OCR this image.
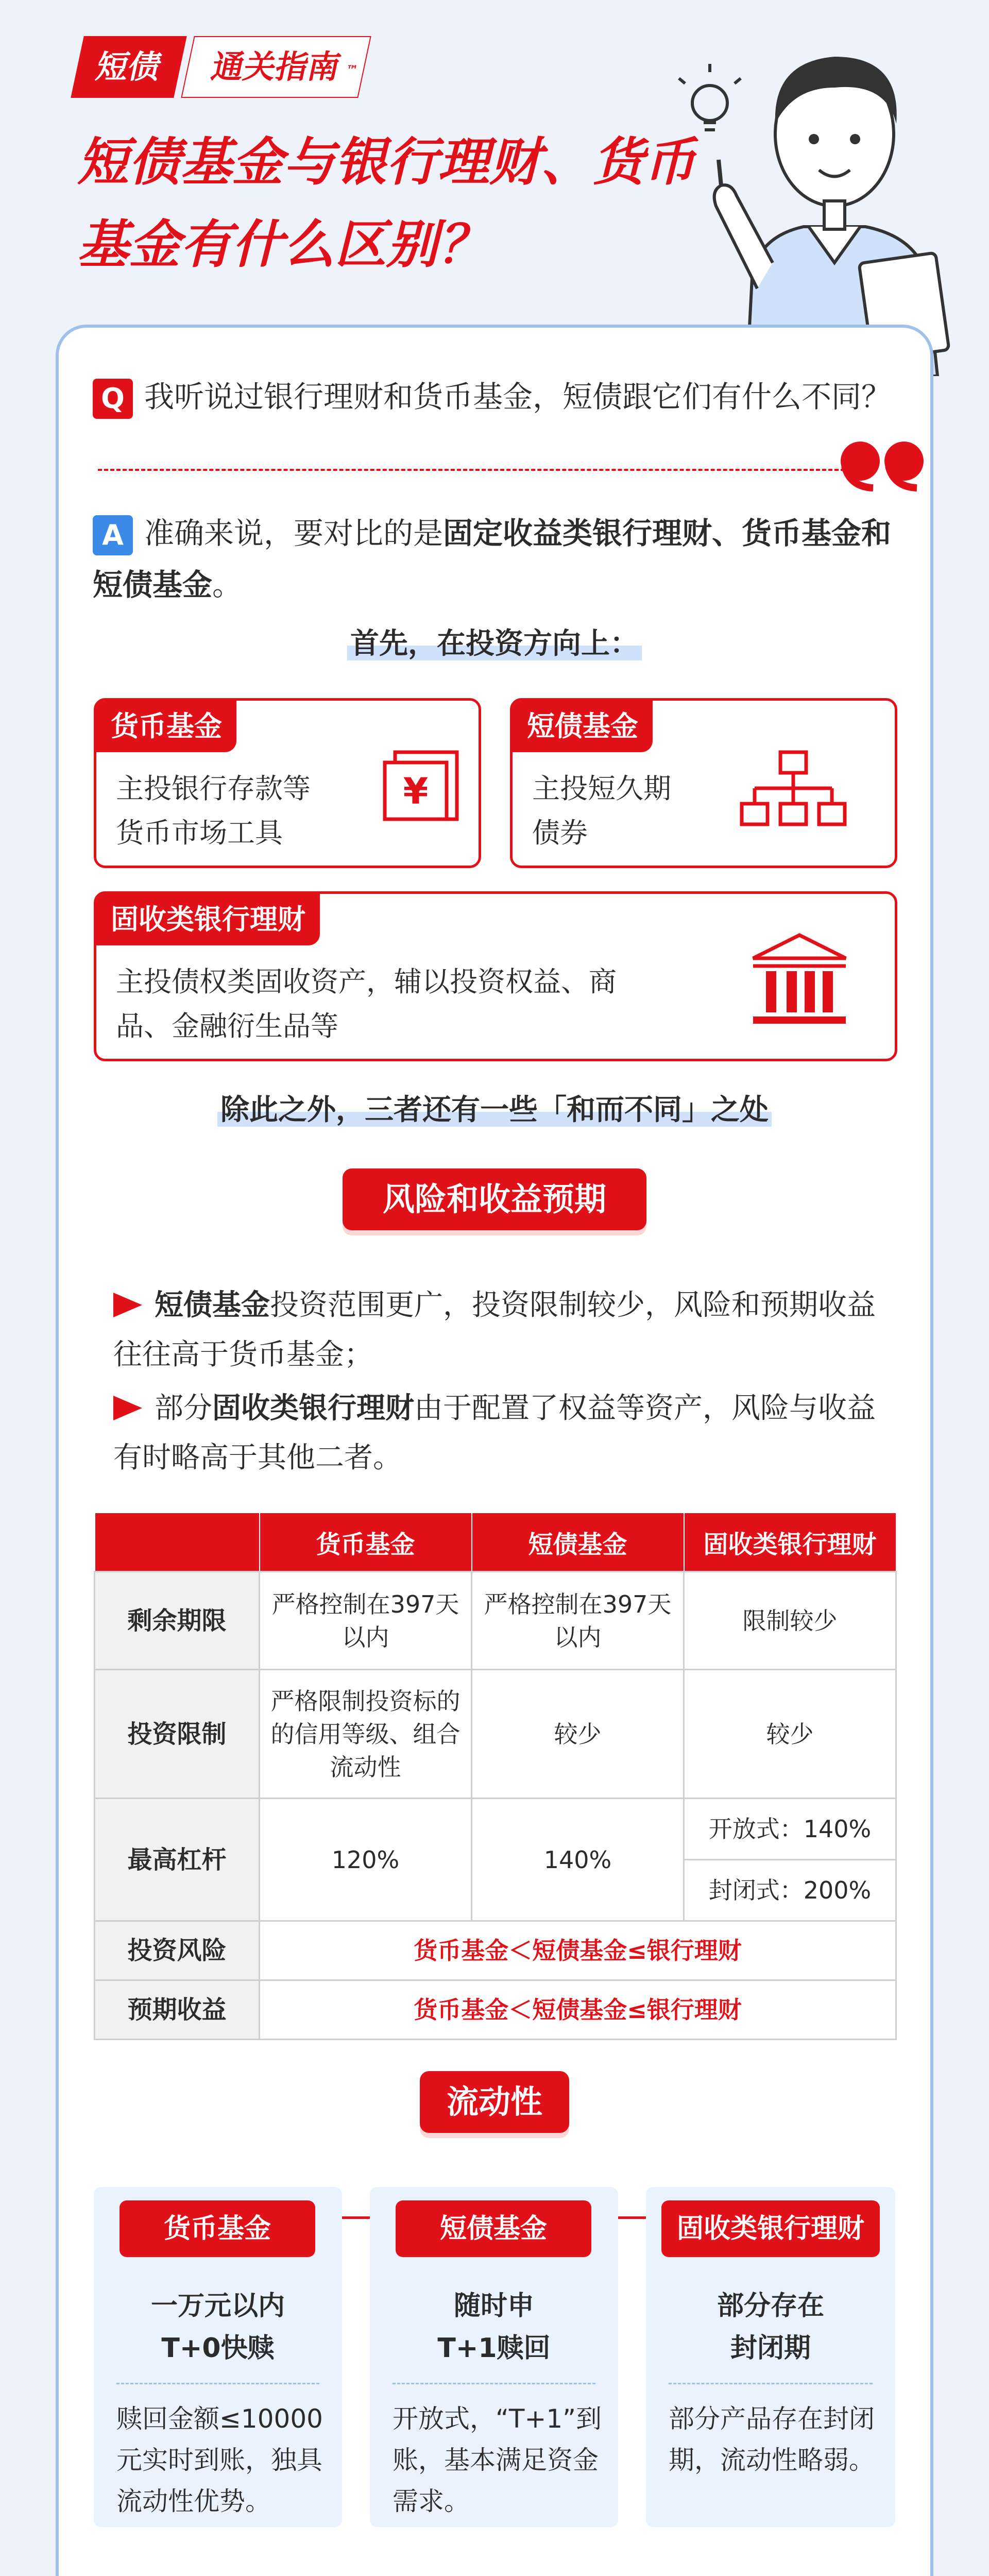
短债	通关指南 ™
短债基金与银行理财、货币基金有什么区别？
Q 我听说过银行理财和货币基金，短债跟它们有什么不同？
A 准确来说，要对比的是固定收益类银行理财、货币基金和短债基金。
首先，在投资方向上：
货币基金
主投银行存款等
货币市场工具
¥
短债基金
主投短久期
债券
固收类银行理财
主投债权类固收资产，辅以投资权益、商
品、金融衍生品等
除此之外，三者还有一些「和而不同」之处
风险和收益预期
短债基金投资范围更广，投资限制较少，风险和预期收益往往高于货币基金；
部分固收类银行理财由于配置了权益等资产，风险与收益有时略高于其他二者。
	货币基金	短债基金	固收类银行理财
剩余期限	严格控制在397天以内	严格控制在397天以内	限制较少
投资限制	严格限制投资标的的信用等级、组合流动性	较少	较少
最高杠杆	120%	140%	开放式：140%
封闭式：200%

投资风险	货币基金＜短债基金≤银行理财		
预期收益	货币基金＜短债基金≤银行理财		
流动性
货币基金
一万元以内
T+0快赎
赎回金额≤10000
元实时到账，独具
流动性优势。
短债基金
随时申
T+1赎回
开放式，“T+1”到
账，基本满足资金
需求。
固收类银行理财
部分存在
封闭期
部分产品存在封闭
期，流动性略弱。
